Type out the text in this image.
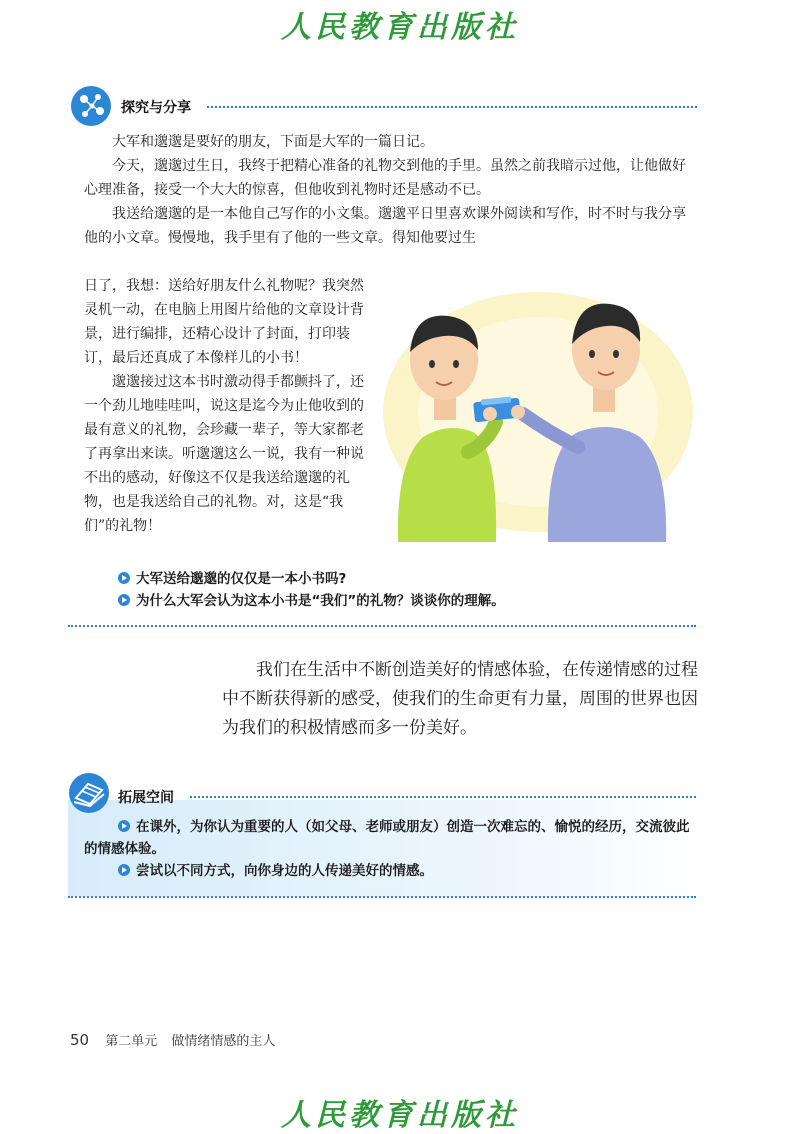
人民教育出版社
探究与分享

大军和邈邈是要好的朋友，下面是大军的一篇日记。

今天，邈邈过生日，我终于把精心准备的礼物交到他的手里。虽然之前我暗示过他，让他做好心理准备，接受一个大大的惊喜，但他收到礼物时还是感动不已。

我送给邈邈的是一本他自己写作的小文集。邈邈平日里喜欢课外阅读和写作，时不时与我分享他的小文章。慢慢地，我手里有了他的一些文章。得知他要过生

日了，我想：送给好朋友什么礼物呢？我突然灵机一动，在电脑上用图片给他的文章设计背景，进行编排，还精心设计了封面，打印装订，最后还真成了本像样儿的小书！

邈邈接过这本书时激动得手都颤抖了，还一个劲儿地哇哇叫，说这是迄今为止他收到的最有意义的礼物，会珍藏一辈子，等大家都老了再拿出来读。听邈邈这么一说，我有一种说不出的感动，好像这不仅是我送给邈邈的礼物，也是我送给自己的礼物。对，这是“我们”的礼物！

大军送给邈邈的仅仅是一本小书吗?
为什么大军会认为这本小书是“我们”的礼物？谈谈你的理解。

我们在生活中不断创造美好的情感体验，在传递情感的过程中不断获得新的感受，使我们的生命更有力量，周围的世界也因为我们的积极情感而多一份美好。

拓展空间
在课外，为你认为重要的人（如父母、老师或朋友）创造一次难忘的、愉悦的经历，交流彼此的情感体验。
尝试以不同方式，向你身边的人传递美好的情感。
50 第二单元 做情绪情感的主人
人民教育出版社
